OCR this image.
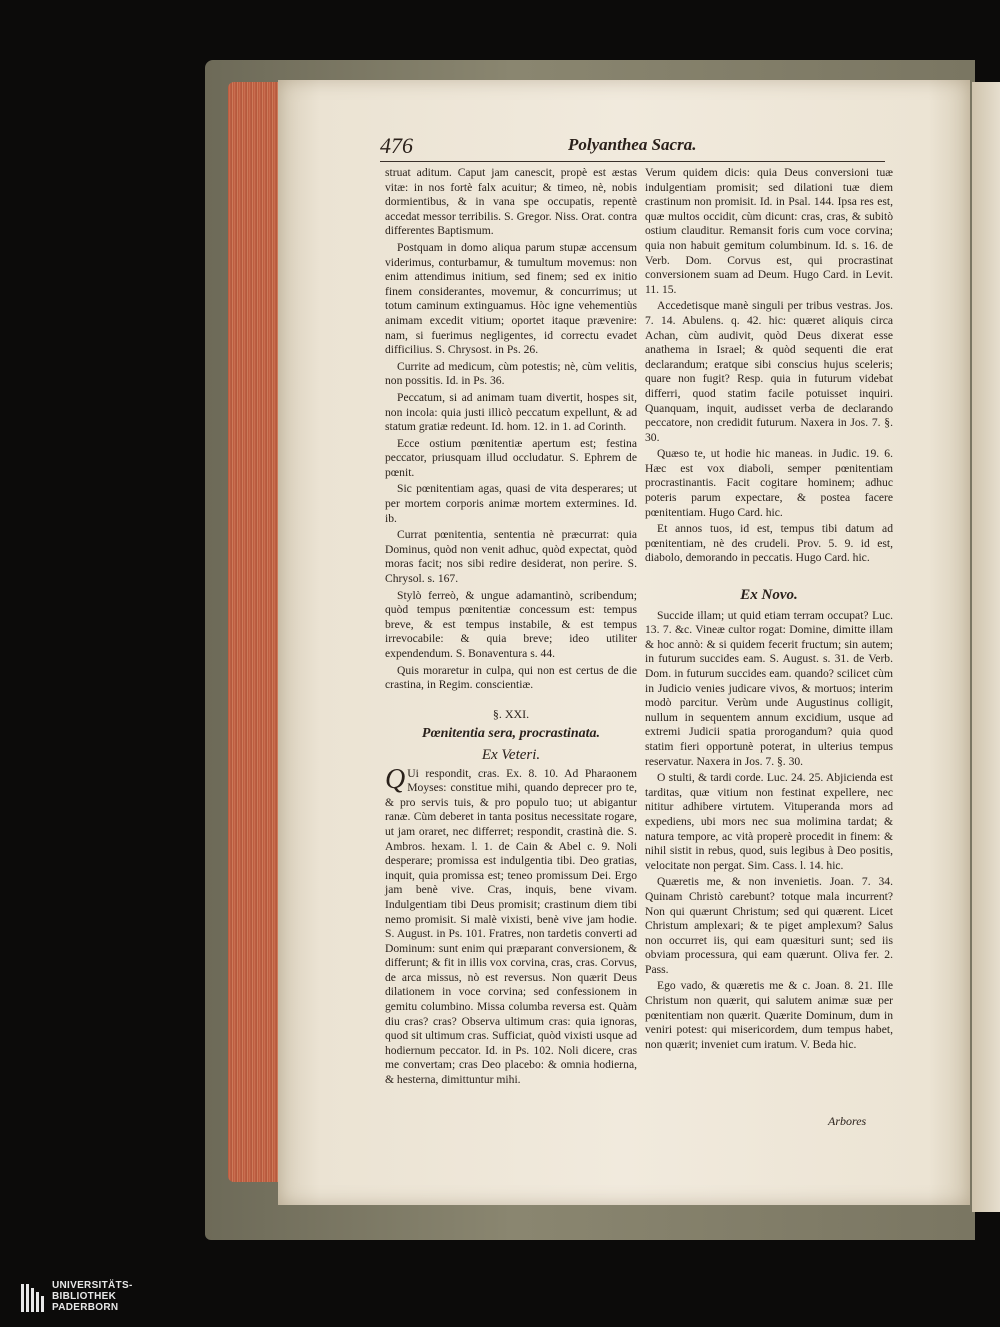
476	Polyanthea Sacra.

struat aditum. Caput jam canescit, propè est æstas vitæ: in nos fortè falx acuitur; & timeo, nè, nobis dormientibus, & in vana spe occupatis, repentè accedat messor terribilis. S. Gregor. Niss. Orat. contra differentes Baptismum.

Postquam in domo aliqua parum stupæ accensum viderimus, conturbamur, & tumultum movemus: non enim attendimus initium, sed finem; sed ex initio finem considerantes, movemur, & concurrimus; ut totum caminum extinguamus. Hòc igne vehementiùs animam excedit vitium; oportet itaque prævenire: nam, si fuerimus negligentes, id correctu evadet difficilius. S. Chrysost. in Ps. 26.

Currite ad medicum, cùm potestis; nè, cùm velitis, non possitis. Id. in Ps. 36.

Peccatum, si ad animam tuam divertit, hospes sit, non incola: quia justi illicò peccatum expellunt, & ad statum gratiæ redeunt. Id. hom. 12. in 1. ad Corinth.

Ecce ostium pœnitentiæ apertum est; festina peccator, priusquam illud occludatur. S. Ephrem de pœnit.

Sic pœnitentiam agas, quasi de vita desperares; ut per mortem corporis animæ mortem extermines. Id. ib.

Currat pœnitentia, sententia nè præcurrat: quia Dominus, quòd non venit adhuc, quòd expectat, quòd moras facit; nos sibi redire desiderat, non perire. S. Chrysol. s. 167.

Stylò ferreò, & ungue adamantinò, scribendum; quòd tempus pœnitentiæ concessum est: tempus breve, & est tempus instabile, & est tempus irrevocabile: & quia breve; ideo utiliter expendendum. S. Bonaventura s. 44.

Quis moraretur in culpa, qui non est certus de die crastina, in Regim. conscientiæ.

§. XXI.
Pœnitentia sera, procrastinata.
Ex Veteri.

Q Ui respondit, cras. Ex. 8. 10. Ad Pharaonem Moyses: constitue mihi, quando deprecer pro te, & pro servis tuis, & pro populo tuo; ut abigantur ranæ. Cùm deberet in tanta positus necessitate rogare, ut jam oraret, nec differret; respondit, crastinà die. S. Ambros. hexam. l. 1. de Cain & Abel c. 9. Noli desperare; promissa est indulgentia tibi. Deo gratias, inquit, quia promissa est; teneo promissum Dei. Ergo jam benè vive. Cras, inquis, bene vivam. Indulgentiam tibi Deus promisit; crastinum diem tibi nemo promisit. Si malè vixisti, benè vive jam hodie. S. August. in Ps. 101. Fratres, non tardetis converti ad Dominum: sunt enim qui præparant conversionem, & differunt; & fit in illis vox corvina, cras, cras. Corvus, de arca missus, nò est reversus. Non quærit Deus dilationem in voce corvina; sed confessionem in gemitu columbino. Missa columba reversa est. Quàm diu cras? cras? Observa ultimum cras: quia ignoras, quod sit ultimum cras. Sufficiat, quòd vixisti usque ad hodiernum peccator. Id. in Ps. 102. Noli dicere, cras me convertam; cras Deo placebo: & omnia hodierna, & hesterna, dimittuntur mihi.

Verum quidem dicis: quia Deus conversioni tuæ indulgentiam promisit; sed dilationi tuæ diem crastinum non promisit. Id. in Psal. 144. Ipsa res est, quæ multos occidit, cùm dicunt: cras, cras, & subitò ostium clauditur. Remansit foris cum voce corvina; quia non habuit gemitum columbinum. Id. s. 16. de Verb. Dom. Corvus est, qui procrastinat conversionem suam ad Deum. Hugo Card. in Levit. 11. 15.

Accedetisque manè singuli per tribus vestras. Jos. 7. 14. Abulens. q. 42. hic: quæret aliquis circa Achan, cùm audivit, quòd Deus dixerat esse anathema in Israel; & quòd sequenti die erat declarandum; eratque sibi conscius hujus sceleris; quare non fugit? Resp. quia in futurum videbat differri, quod statim facile potuisset inquiri. Quanquam, inquit, audisset verba de declarando peccatore, non credidit futurum. Naxera in Jos. 7. §. 30.

Quæso te, ut hodie hic maneas. in Judic. 19. 6. Hæc est vox diaboli, semper pœnitentiam procrastinantis. Facit cogitare hominem; adhuc poteris parum expectare, & postea facere pœnitentiam. Hugo Card. hic.

Et annos tuos, id est, tempus tibi datum ad pœnitentiam, nè des crudeli. Prov. 5. 9. id est, diabolo, demorando in peccatis. Hugo Card. hic.

Ex Novo.

Succide illam; ut quid etiam terram occupat? Luc. 13. 7. &c. Vineæ cultor rogat: Domine, dimitte illam & hoc annò: & si quidem fecerit fructum; sin autem; in futurum succides eam. S. August. s. 31. de Verb. Dom. in futurum succides eam. quando? scilicet cùm in Judicio venies judicare vivos, & mortuos; interim modò parcitur. Verùm unde Augustinus colligit, nullum in sequentem annum excidium, usque ad extremi Judicii spatia prorogandum? quia quod statim fieri opportunè poterat, in ulterius tempus reservatur. Naxera in Jos. 7. §. 30.

O stulti, & tardi corde. Luc. 24. 25. Abjicienda est tarditas, quæ vitium non festinat expellere, nec nititur adhibere virtutem. Vituperanda mors ad expediens, ubi mors nec sua molimina tardat; & natura tempore, ac vità properè procedit in finem: & nihil sistit in rebus, quod, suis legibus à Deo positis, velocitate non pergat. Sim. Cass. l. 14. hic.

Quæretis me, & non invenietis. Joan. 7. 34. Quinam Christò carebunt? totque mala incurrent? Non qui quærunt Christum; sed qui quærent. Licet Christum amplexari; & te piget amplexum? Salus non occurret iis, qui eam quæsituri sunt; sed iis obviam processura, qui eam quærunt. Oliva fer. 2. Pass.

Ego vado, & quæretis me & c. Joan. 8. 21. Ille Christum non quærit, qui salutem animæ suæ per pœnitentiam non quærit. Quærite Dominum, dum in veniri potest: qui misericordem, dum tempus habet, non quærit; inveniet cum iratum. V. Beda hic.

Arbores
UNIVERSITÄTS-
BIBLIOTHEK
PADERBORN
